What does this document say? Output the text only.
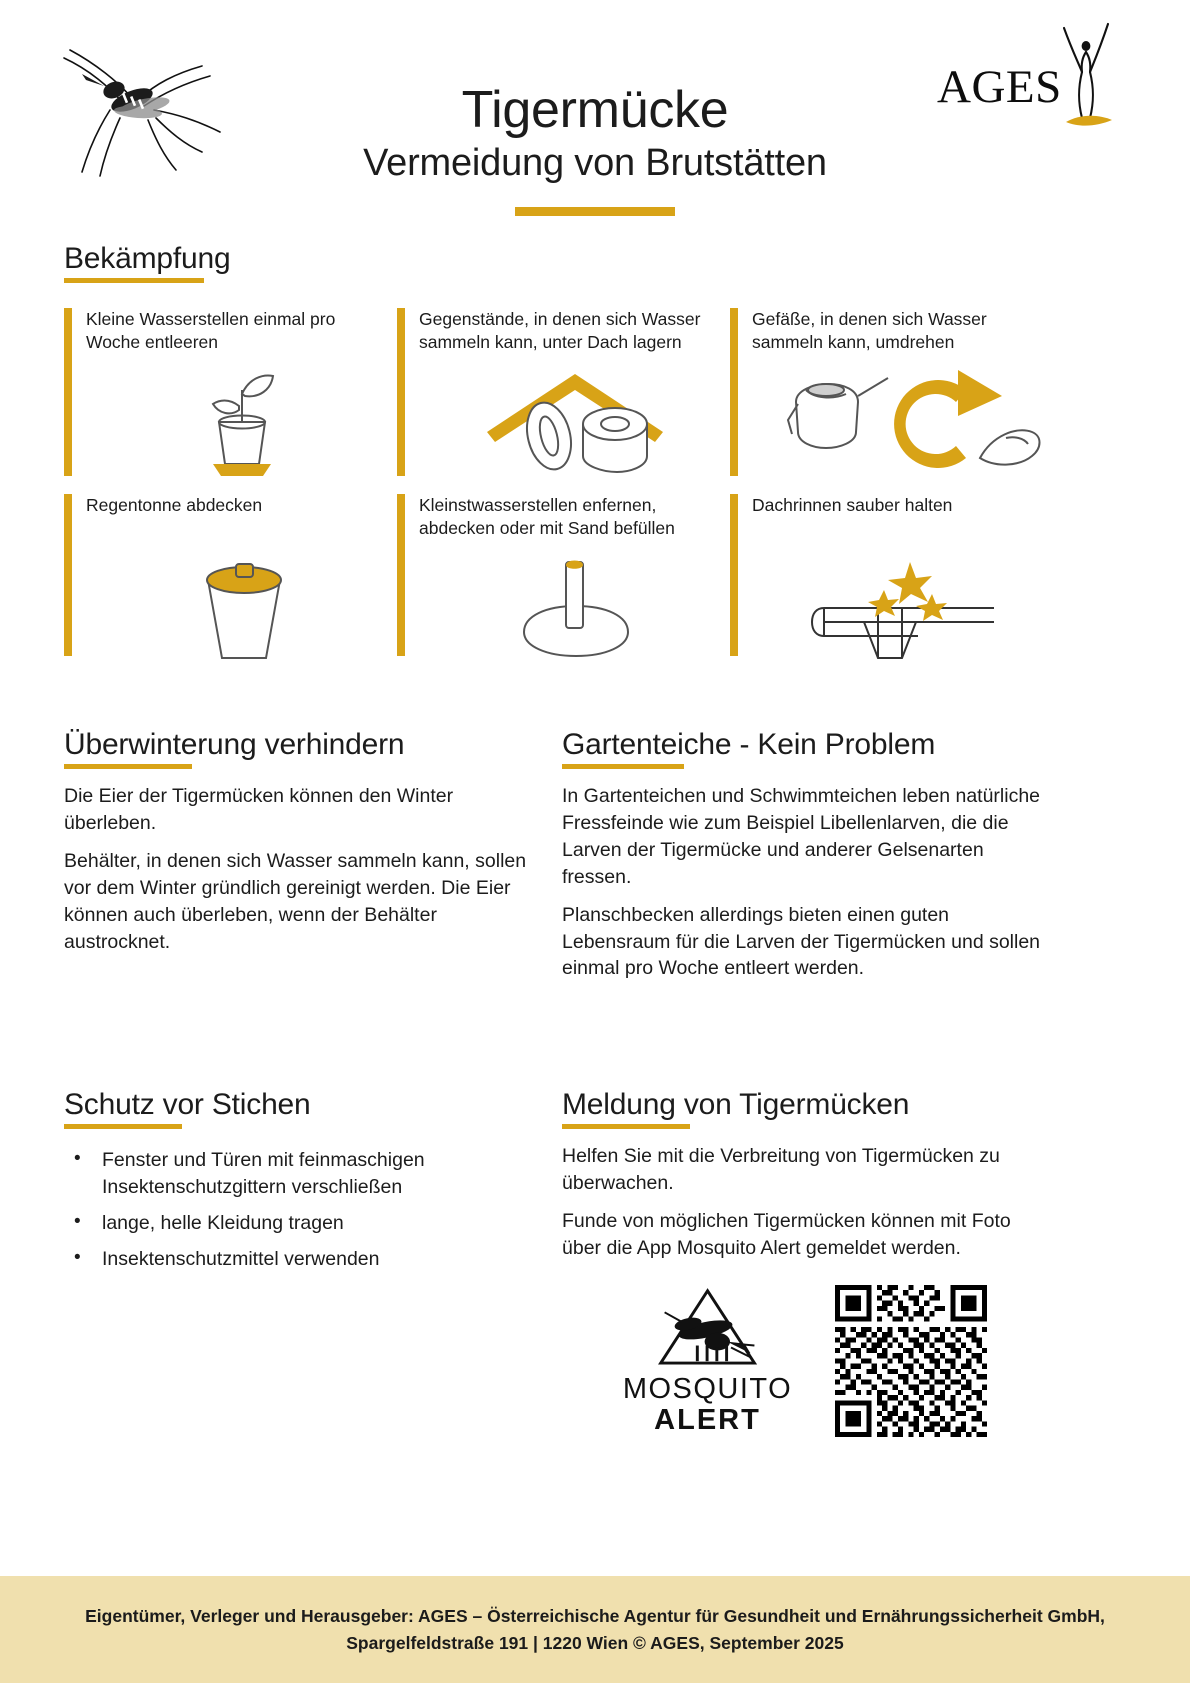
AGES
Tigermücke
Vermeidung von Brutstätten
Bekämpfung
Kleine Wasserstellen einmal pro Woche entleeren
Gegenstände, in denen sich Wasser sammeln kann, unter Dach lagern
Gefäße, in denen sich Wasser sammeln kann, umdrehen
Regentonne abdecken	Kleinstwasserstellen enfernen, abdecken oder mit Sand befüllen
Dachrinnen sauber halten
Überwinterung verhindern

Die Eier der Tigermücken können den Winter überleben.

Behälter, in denen sich Wasser sammeln kann, sollen vor dem Winter gründlich gereinigt werden. Die Eier können auch überleben, wenn der Behälter austrocknet.

Gartenteiche - Kein Problem

In Gartenteichen und Schwimmteichen leben natürliche Fressfeinde wie zum Beispiel Libellenlarven, die die Larven der Tigermücke und anderer Gelsenarten fressen.

Planschbecken allerdings bieten einen guten Lebensraum für die Larven der Tigermücken und sollen einmal pro Woche entleert werden.

Schutz vor Stichen
• Fenster und Türen mit feinmaschigen Insektenschutzgittern verschließen
• lange, helle Kleidung tragen
• Insektenschutzmittel verwenden
Meldung von Tigermücken

Helfen Sie mit die Verbreitung von Tigermücken zu überwachen.

Funde von möglichen Tigermücken können mit Foto über die App Mosquito Alert gemeldet werden.

MOSQUITO
ALERT
Eigentümer, Verleger und Herausgeber: AGES – Österreichische Agentur für Gesundheit und Ernährungssicherheit GmbH,
Spargelfeldstraße 191 | 1220 Wien © AGES, September 2025
